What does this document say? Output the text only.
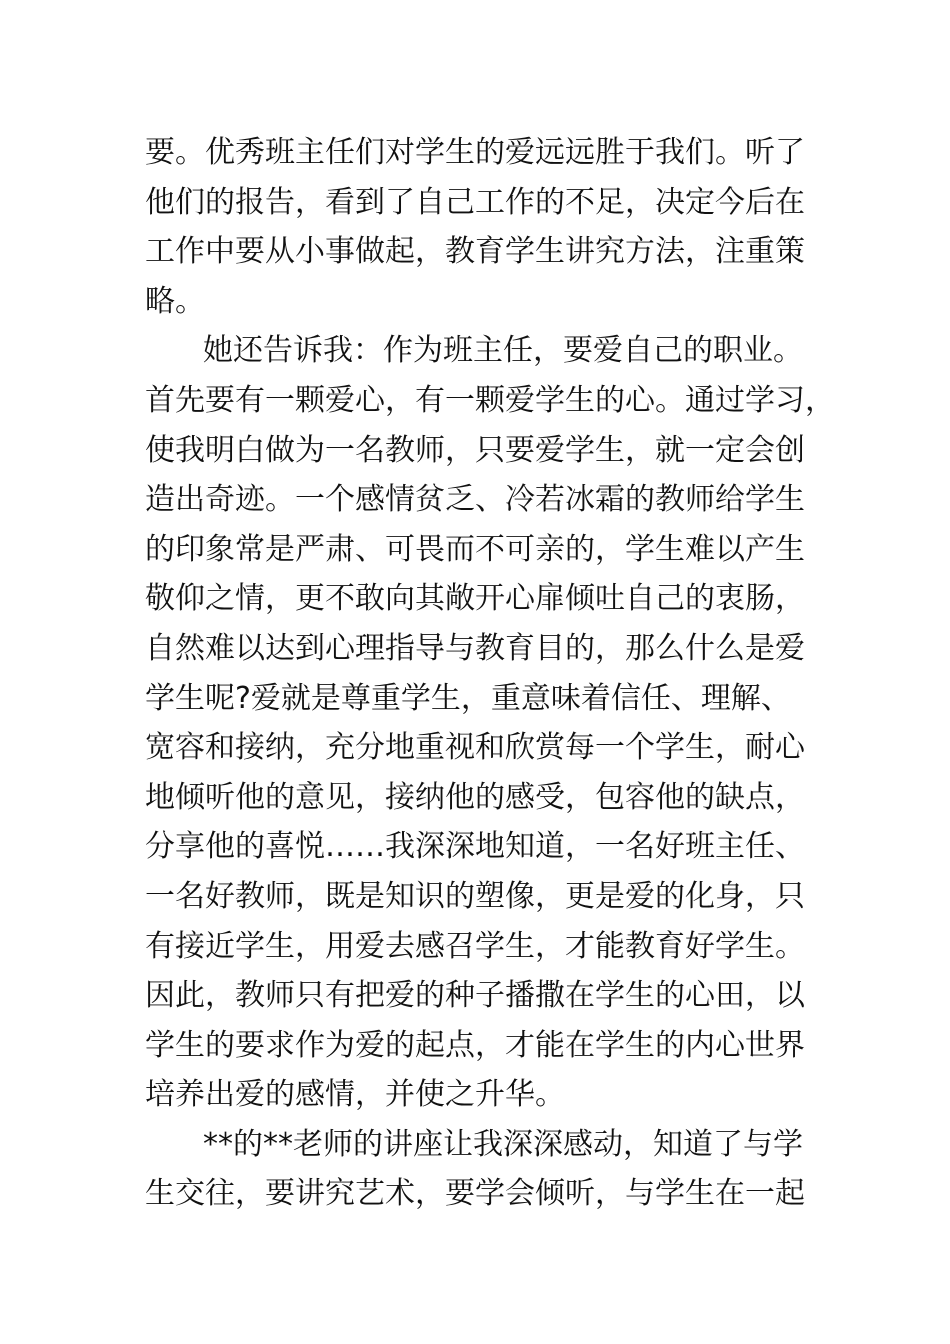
要。优秀班主任们对学生的爱远远胜于我们。听了
他们的报告，看到了自己工作的不足，决定今后在
工作中要从小事做起，教育学生讲究方法，注重策
略。
她还告诉我：作为班主任，要爱自己的职业。
首先要有一颗爱心，有一颗爱学生的心。通过学习，
使我明白做为一名教师，只要爱学生，就一定会创
造出奇迹。一个感情贫乏、冷若冰霜的教师给学生
的印象常是严肃、可畏而不可亲的，学生难以产生
敬仰之情，更不敢向其敞开心扉倾吐自己的衷肠，
自然难以达到心理指导与教育目的，那么什么是爱
学生呢?爱就是尊重学生，重意味着信任、理解、
宽容和接纳，充分地重视和欣赏每一个学生，耐心
地倾听他的意见，接纳他的感受，包容他的缺点，
分享他的喜悦……我深深地知道，一名好班主任、
一名好教师，既是知识的塑像，更是爱的化身，只
有接近学生，用爱去感召学生，才能教育好学生。
因此，教师只有把爱的种子播撒在学生的心田，以
学生的要求作为爱的起点，才能在学生的内心世界
培养出爱的感情，并使之升华。
**的**老师的讲座让我深深感动，知道了与学
生交往，要讲究艺术，要学会倾听，与学生在一起
